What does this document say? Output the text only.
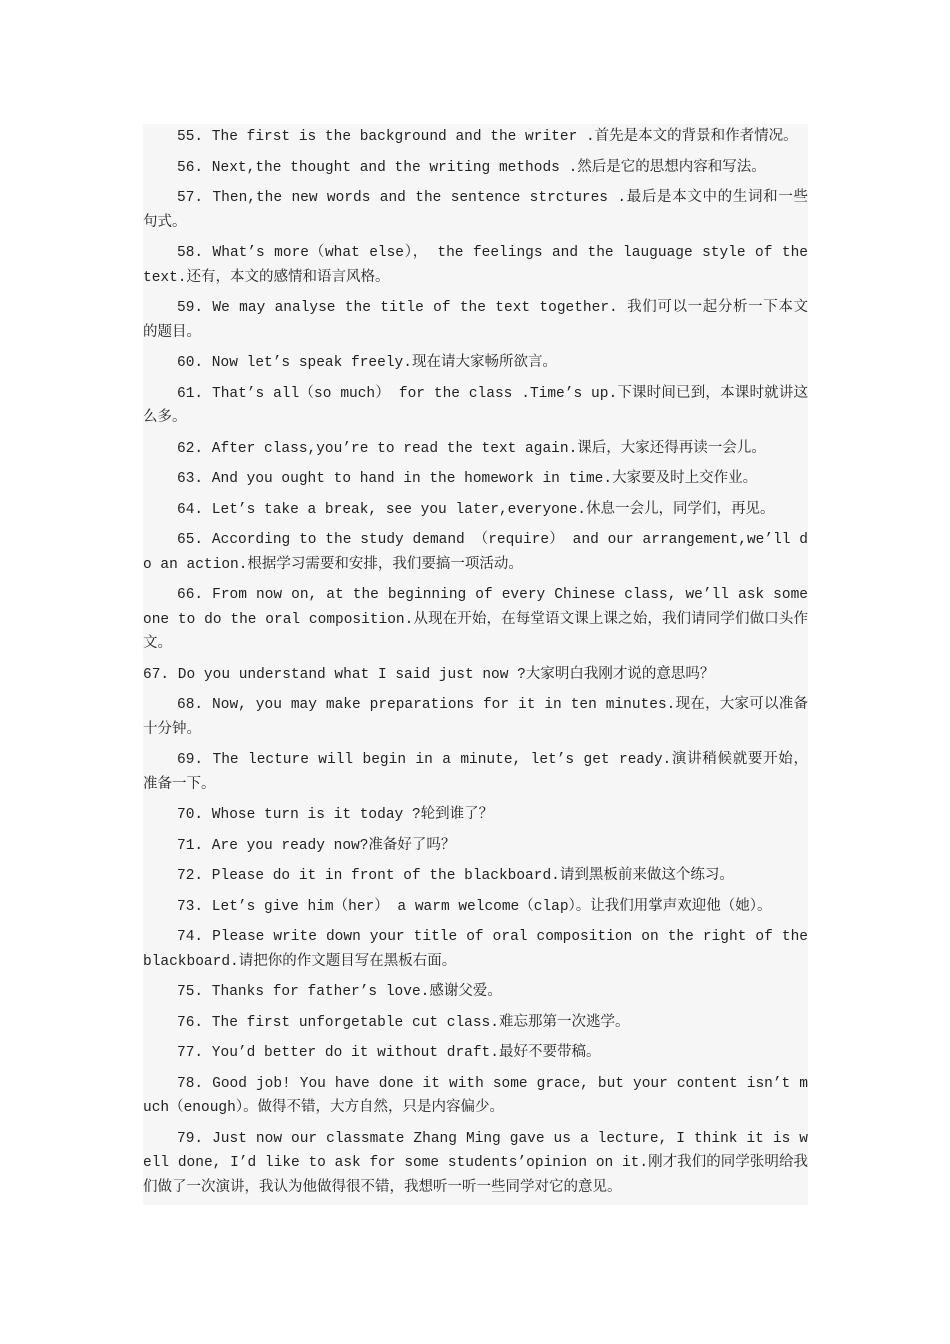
55. The first is the background and the writer .首先是本文的背景和作者情况。
56. Next,the thought and the writing methods .然后是它的思想内容和写法。
57. Then,the new words and the sentence strctures .最后是本文中的生词和一些句式。
58. What’s more（what else）， the feelings and the lauguage style of the text.还有，本文的感情和语言风格。
59. We may analyse the title of the text together. 我们可以一起分析一下本文的题目。
60. Now let’s speak freely.现在请大家畅所欲言。
61. That’s all（so much） for the class .Time’s up.下课时间已到，本课时就讲这么多。
62. After class,you’re to read the text again.课后，大家还得再读一会儿。
63. And you ought to hand in the homework in time.大家要及时上交作业。
64. Let’s take a break, see you later,everyone.休息一会儿，同学们，再见。
65. According to the study demand （require） and our arrangement,we’ll do an action.根据学习需要和安排，我们要搞一项活动。
66. From now on, at the beginning of every Chinese class, we’ll ask someone to do the oral composition.从现在开始，在每堂语文课上课之始，我们请同学们做口头作文。
67. Do you understand what I said just now ?大家明白我刚才说的意思吗？
68. Now, you may make preparations for it in ten minutes.现在，大家可以准备十分钟。
69. The lecture will begin in a minute, let’s get ready.演讲稍候就要开始，准备一下。
70. Whose turn is it today ?轮到谁了？
71. Are you ready now?准备好了吗？
72. Please do it in front of the blackboard.请到黑板前来做这个练习。
73. Let’s give him（her） a warm welcome（clap）。让我们用掌声欢迎他（她）。
74. Please write down your title of oral composition on the right of the blackboard.请把你的作文题目写在黑板右面。
75. Thanks for father’s love.感谢父爱。
76. The first unforgetable cut class.难忘那第一次逃学。
77. You’d better do it without draft.最好不要带稿。
78. Good job! You have done it with some grace, but your content isn’t much（enough）。做得不错，大方自然，只是内容偏少。
79. Just now our classmate Zhang Ming gave us a lecture, I think it is well done, I’d like to ask for some students’opinion on it.刚才我们的同学张明给我们做了一次演讲，我认为他做得很不错，我想听一听一些同学对它的意见。
